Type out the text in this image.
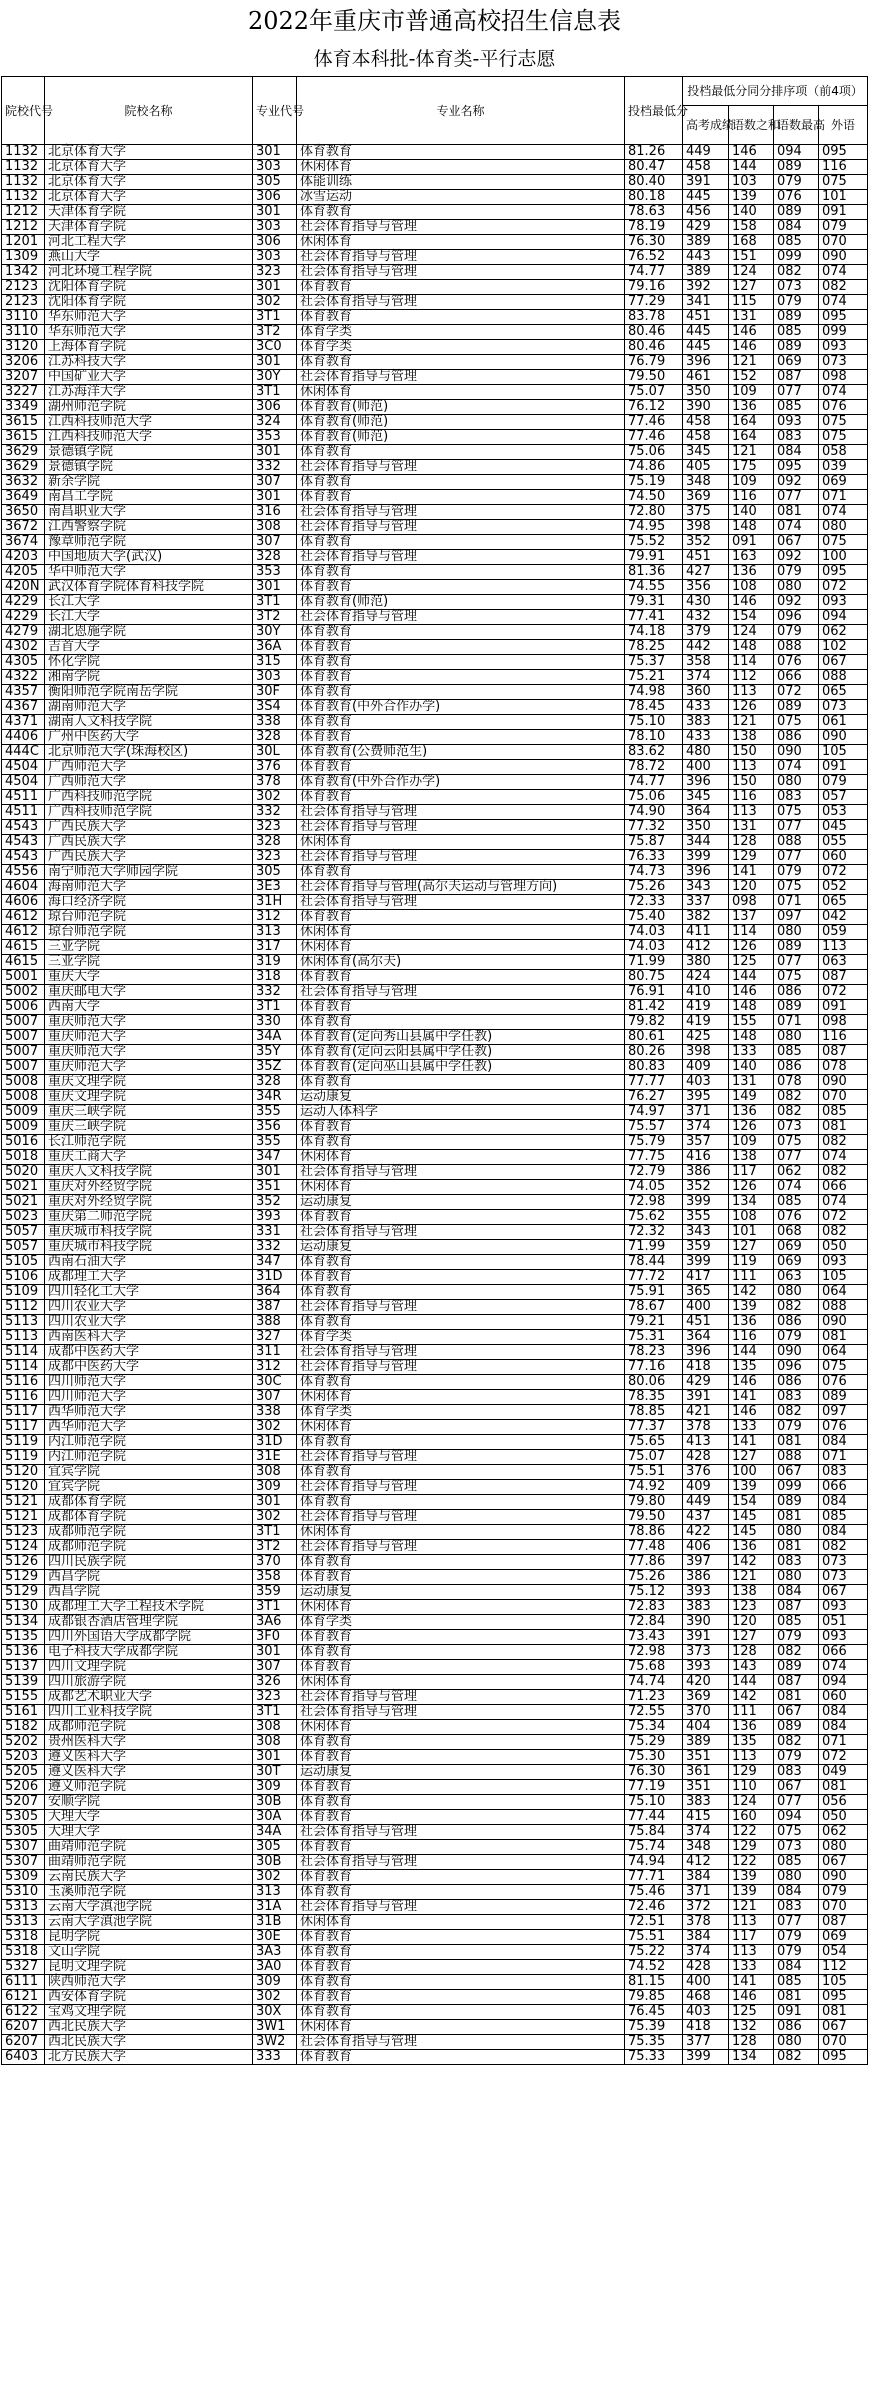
2022年重庆市普通高校招生信息表
体育本科批-体育类-平行志愿
院校代号	院校名称	专业代号	专业名称	投档最低分	投档最低分同分排序项（前4项）			
					高考成绩	语数之和	语数最高	外语
1132	北京体育大学	301	体育教育	81.26	449	146	094	095
1132	北京体育大学	303	休闲体育	80.47	458	144	089	116
1132	北京体育大学	305	体能训练	80.40	391	103	079	075
1132	北京体育大学	306	冰雪运动	80.18	445	139	076	101
1212	天津体育学院	301	体育教育	78.63	456	140	089	091
1212	天津体育学院	303	社会体育指导与管理	78.19	429	158	084	079
1201	河北工程大学	306	休闲体育	76.30	389	168	085	070
1309	燕山大学	303	社会体育指导与管理	76.52	443	151	099	090
1342	河北环境工程学院	323	社会体育指导与管理	74.77	389	124	082	074
2123	沈阳体育学院	301	体育教育	79.16	392	127	073	082
2123	沈阳体育学院	302	社会体育指导与管理	77.29	341	115	079	074
3110	华东师范大学	3T1	体育教育	83.78	451	131	089	095
3110	华东师范大学	3T2	体育学类	80.46	445	146	085	099
3120	上海体育学院	3C0	体育学类	80.46	445	146	089	093
3206	江苏科技大学	301	体育教育	76.79	396	121	069	073
3207	中国矿业大学	30Y	社会体育指导与管理	79.50	461	152	087	098
3227	江苏海洋大学	3T1	休闲体育	75.07	350	109	077	074
3349	湖州师范学院	306	体育教育(师范)	76.12	390	136	085	076
3615	江西科技师范大学	324	体育教育(师范)	77.46	458	164	093	075
3615	江西科技师范大学	353	体育教育(师范)	77.46	458	164	083	075
3629	景德镇学院	301	体育教育	75.06	345	121	084	058
3629	景德镇学院	332	社会体育指导与管理	74.86	405	175	095	039
3632	新余学院	307	体育教育	75.19	348	109	092	069
3649	南昌工学院	301	体育教育	74.50	369	116	077	071
3650	南昌职业大学	316	社会体育指导与管理	72.80	375	140	081	074
3672	江西警察学院	308	社会体育指导与管理	74.95	398	148	074	080
3674	豫章师范学院	307	体育教育	75.52	352	091	067	075
4203	中国地质大学(武汉)	328	社会体育指导与管理	79.91	451	163	092	100
4205	华中师范大学	353	体育教育	81.36	427	136	079	095
420N	武汉体育学院体育科技学院	301	体育教育	74.55	356	108	080	072
4229	长江大学	3T1	体育教育(师范)	79.31	430	146	092	093
4229	长江大学	3T2	社会体育指导与管理	77.41	432	154	096	094
4279	湖北恩施学院	30Y	体育教育	74.18	379	124	079	062
4302	吉首大学	36A	体育教育	78.25	442	148	088	102
4305	怀化学院	315	体育教育	75.37	358	114	076	067
4322	湘南学院	303	体育教育	75.21	374	112	066	088
4357	衡阳师范学院南岳学院	30F	体育教育	74.98	360	113	072	065
4367	湖南师范大学	3S4	体育教育(中外合作办学)	78.45	433	126	089	073
4371	湖南人文科技学院	338	体育教育	75.10	383	121	075	061
4406	广州中医药大学	328	体育教育	78.10	433	138	086	090
444C	北京师范大学(珠海校区)	30L	体育教育(公费师范生)	83.62	480	150	090	105
4504	广西师范大学	376	体育教育	78.72	400	113	074	091
4504	广西师范大学	378	体育教育(中外合作办学)	74.77	396	150	080	079
4511	广西科技师范学院	302	体育教育	75.06	345	116	083	057
4511	广西科技师范学院	332	社会体育指导与管理	74.90	364	113	075	053
4543	广西民族大学	323	社会体育指导与管理	77.32	350	131	077	045
4543	广西民族大学	328	休闲体育	75.87	344	128	088	055
4543	广西民族大学	323	社会体育指导与管理	76.33	399	129	077	060
4556	南宁师范大学师园学院	305	体育教育	74.73	396	141	079	072
4604	海南师范大学	3E3	社会体育指导与管理(高尔夫运动与管理方向)	75.26	343	120	075	052
4606	海口经济学院	31H	社会体育指导与管理	72.33	337	098	071	065
4612	琼台师范学院	312	体育教育	75.40	382	137	097	042
4612	琼台师范学院	313	休闲体育	74.03	411	114	080	059
4615	三亚学院	317	休闲体育	74.03	412	126	089	113
4615	三亚学院	319	休闲体育(高尔夫)	71.99	380	125	077	063
5001	重庆大学	318	体育教育	80.75	424	144	075	087
5002	重庆邮电大学	332	社会体育指导与管理	76.91	410	146	086	072
5006	西南大学	3T1	体育教育	81.42	419	148	089	091
5007	重庆师范大学	330	体育教育	79.82	419	155	071	098
5007	重庆师范大学	34A	体育教育(定向秀山县属中学任教)	80.61	425	148	080	116
5007	重庆师范大学	35Y	体育教育(定向云阳县属中学任教)	80.26	398	133	085	087
5007	重庆师范大学	35Z	体育教育(定向巫山县属中学任教)	80.83	409	140	086	078
5008	重庆文理学院	328	体育教育	77.77	403	131	078	090
5008	重庆文理学院	34R	运动康复	76.27	395	149	082	070
5009	重庆三峡学院	355	运动人体科学	74.97	371	136	082	085
5009	重庆三峡学院	356	体育教育	75.57	374	126	073	081
5016	长江师范学院	355	体育教育	75.79	357	109	075	082
5018	重庆工商大学	347	休闲体育	77.75	416	138	077	074
5020	重庆人文科技学院	301	社会体育指导与管理	72.79	386	117	062	082
5021	重庆对外经贸学院	351	休闲体育	74.05	352	126	074	066
5021	重庆对外经贸学院	352	运动康复	72.98	399	134	085	074
5023	重庆第二师范学院	393	体育教育	75.62	355	108	076	072
5057	重庆城市科技学院	331	社会体育指导与管理	72.32	343	101	068	082
5057	重庆城市科技学院	332	运动康复	71.99	359	127	069	050
5105	西南石油大学	347	体育教育	78.44	399	119	069	093
5106	成都理工大学	31D	体育教育	77.72	417	111	063	105
5109	四川轻化工大学	364	体育教育	75.91	365	142	080	064
5112	四川农业大学	387	社会体育指导与管理	78.67	400	139	082	088
5113	四川农业大学	388	体育教育	79.21	451	136	086	090
5113	西南医科大学	327	体育学类	75.31	364	116	079	081
5114	成都中医药大学	311	社会体育指导与管理	78.23	396	144	090	064
5114	成都中医药大学	312	社会体育指导与管理	77.16	418	135	096	075
5116	四川师范大学	30C	体育教育	80.06	429	146	086	076
5116	四川师范大学	307	休闲体育	78.35	391	141	083	089
5117	西华师范大学	338	体育学类	78.85	421	146	082	097
5117	西华师范大学	302	休闲体育	77.37	378	133	079	076
5119	内江师范学院	31D	体育教育	75.65	413	141	081	084
5119	内江师范学院	31E	社会体育指导与管理	75.07	428	127	088	071
5120	宜宾学院	308	体育教育	75.51	376	100	067	083
5120	宜宾学院	309	社会体育指导与管理	74.92	409	139	099	066
5121	成都体育学院	301	体育教育	79.80	449	154	089	084
5121	成都体育学院	302	社会体育指导与管理	79.50	437	145	081	085
5123	成都师范学院	3T1	休闲体育	78.86	422	145	080	084
5124	成都师范学院	3T2	社会体育指导与管理	77.48	406	136	081	082
5126	四川民族学院	370	体育教育	77.86	397	142	083	073
5129	西昌学院	358	体育教育	75.26	386	121	080	073
5129	西昌学院	359	运动康复	75.12	393	138	084	067
5130	成都理工大学工程技术学院	3T1	休闲体育	72.83	383	123	087	093
5134	成都银杏酒店管理学院	3A6	体育学类	72.84	390	120	085	051
5135	四川外国语大学成都学院	3F0	体育教育	73.43	391	127	079	093
5136	电子科技大学成都学院	301	体育教育	72.98	373	128	082	066
5137	四川文理学院	307	体育教育	75.68	393	143	089	074
5139	四川旅游学院	326	休闲体育	74.74	420	144	087	094
5155	成都艺术职业大学	323	社会体育指导与管理	71.23	369	142	081	060
5161	四川工业科技学院	3T1	社会体育指导与管理	72.55	370	111	067	084
5182	成都师范学院	308	休闲体育	75.34	404	136	089	084
5202	贵州医科大学	308	体育教育	75.29	389	135	082	071
5203	遵义医科大学	301	体育教育	75.30	351	113	079	072
5205	遵义医科大学	30T	运动康复	76.30	361	129	083	049
5206	遵义师范学院	309	体育教育	77.19	351	110	067	081
5207	安顺学院	30B	体育教育	75.10	383	124	077	056
5305	大理大学	30A	体育教育	77.44	415	160	094	050
5305	大理大学	34A	社会体育指导与管理	75.84	374	122	075	062
5307	曲靖师范学院	305	体育教育	75.74	348	129	073	080
5307	曲靖师范学院	30B	社会体育指导与管理	74.94	412	122	085	067
5309	云南民族大学	302	体育教育	77.71	384	139	080	090
5310	玉溪师范学院	313	体育教育	75.46	371	139	084	079
5313	云南大学滇池学院	31A	社会体育指导与管理	72.46	372	121	083	070
5313	云南大学滇池学院	31B	休闲体育	72.51	378	113	077	087
5318	昆明学院	30E	体育教育	75.51	384	117	079	069
5318	文山学院	3A3	体育教育	75.22	374	113	079	054
5327	昆明文理学院	3A0	体育教育	74.52	428	133	084	112
6111	陕西师范大学	309	体育教育	81.15	400	141	085	105
6121	西安体育学院	302	体育教育	79.85	468	146	081	095
6122	宝鸡文理学院	30X	体育教育	76.45	403	125	091	081
6207	西北民族大学	3W1	休闲体育	75.39	418	132	086	067
6207	西北民族大学	3W2	社会体育指导与管理	75.35	377	128	080	070
6403	北方民族大学	333	体育教育	75.33	399	134	082	095
